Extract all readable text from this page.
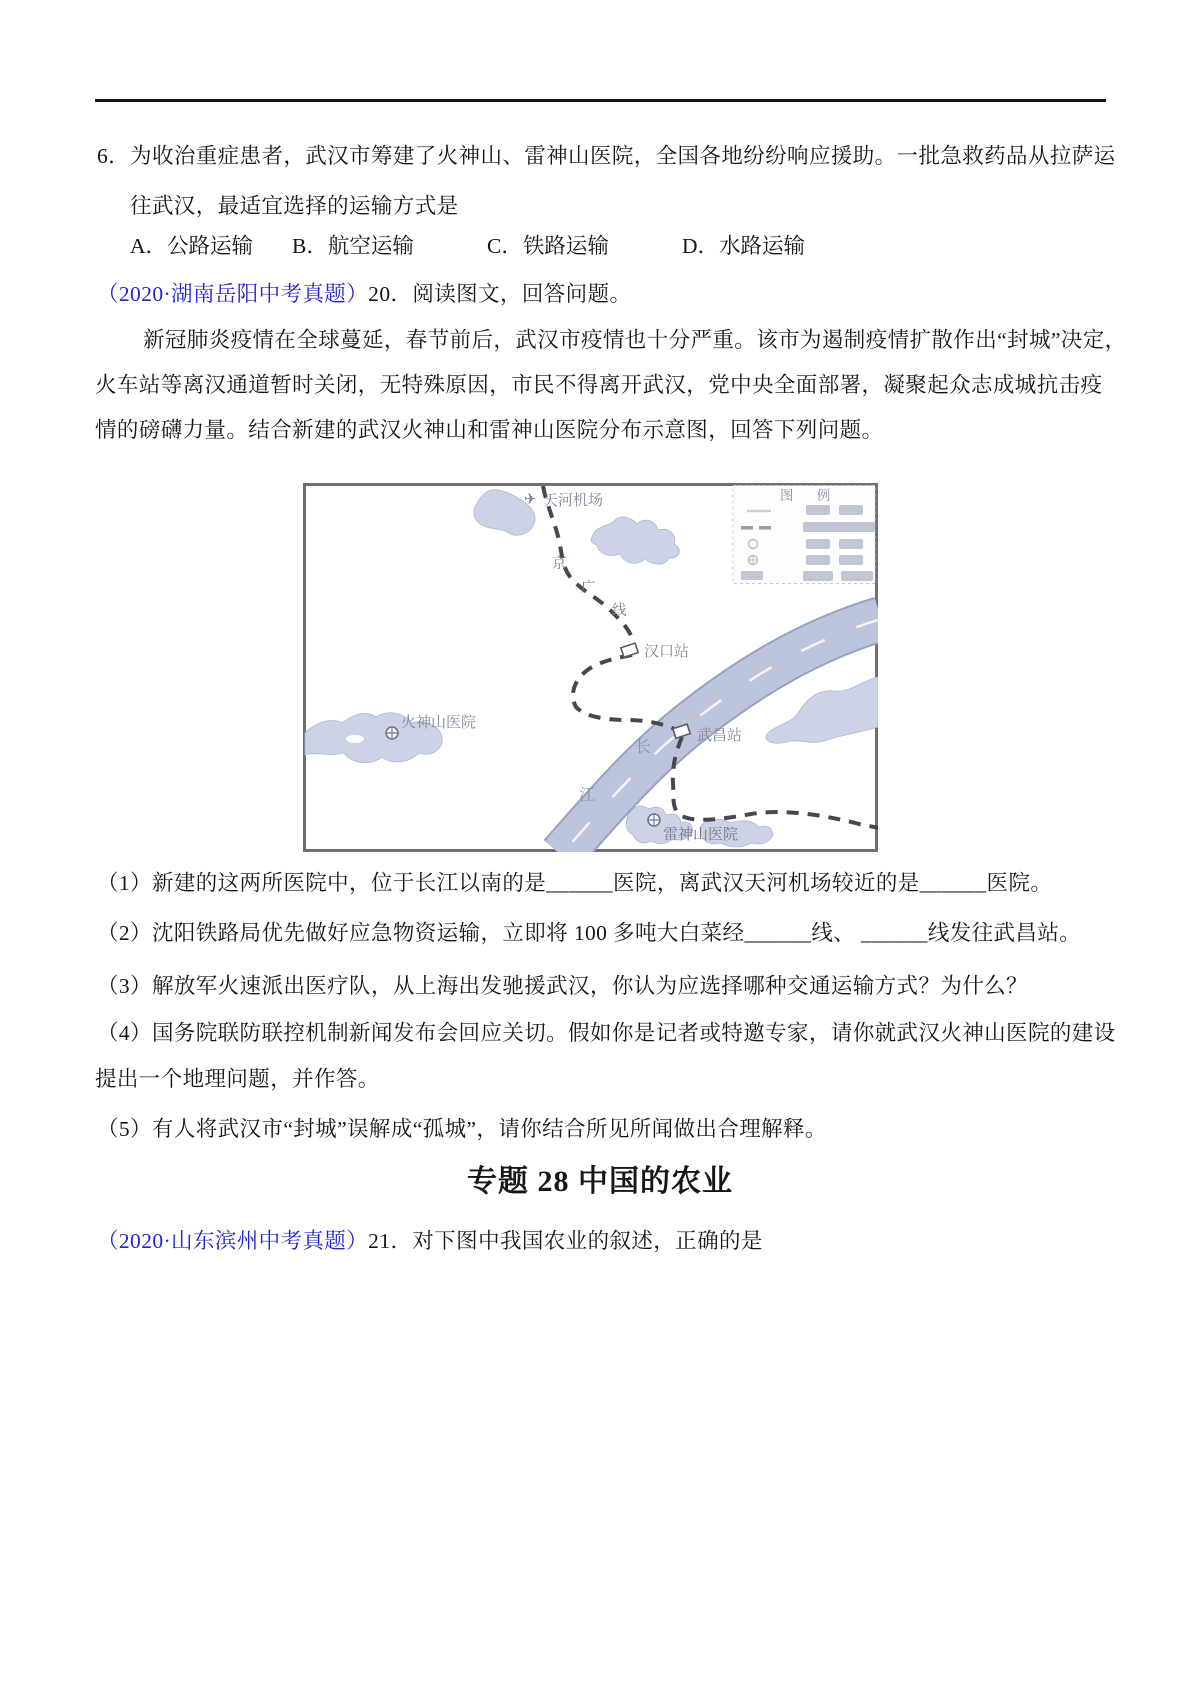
6．为收治重症患者，武汉市筹建了火神山、雷神山医院，全国各地纷纷响应援助。一批急救药品从拉萨运
往武汉，最适宜选择的运输方式是
A．公路运输 B．航空运输	C．铁路运输	D．水路运输
（2020·湖南岳阳中考真题）20．阅读图文，回答问题。
新冠肺炎疫情在全球蔓延，春节前后，武汉市疫情也十分严重。该市为遏制疫情扩散作出“封城”决定，
火车站等离汉通道暂时关闭，无特殊原因，市民不得离开武汉，党中央全面部署，凝聚起众志成城抗击疫
情的磅礴力量。结合新建的武汉火神山和雷神山医院分布示意图，回答下列问题。
汉口站
武昌站
火神山医院
雷神山医院
✈ 天河机场
京
广
线
长
江
图 例
（1）新建的这两所医院中，位于长江以南的是______医院，离武汉天河机场较近的是______医院。
（2）沈阳铁路局优先做好应急物资运输，立即将 100 多吨大白菜经______线、 ______线发往武昌站。
（3）解放军火速派出医疗队，从上海出发驰援武汉，你认为应选择哪种交通运输方式？为什么？
（4）国务院联防联控机制新闻发布会回应关切。假如你是记者或特邀专家，请你就武汉火神山医院的建设
提出一个地理问题，并作答。
（5）有人将武汉市“封城”误解成“孤城”，请你结合所见所闻做出合理解释。
专题 28 中国的农业
（2020·山东滨州中考真题）21．对下图中我国农业的叙述，正确的是
